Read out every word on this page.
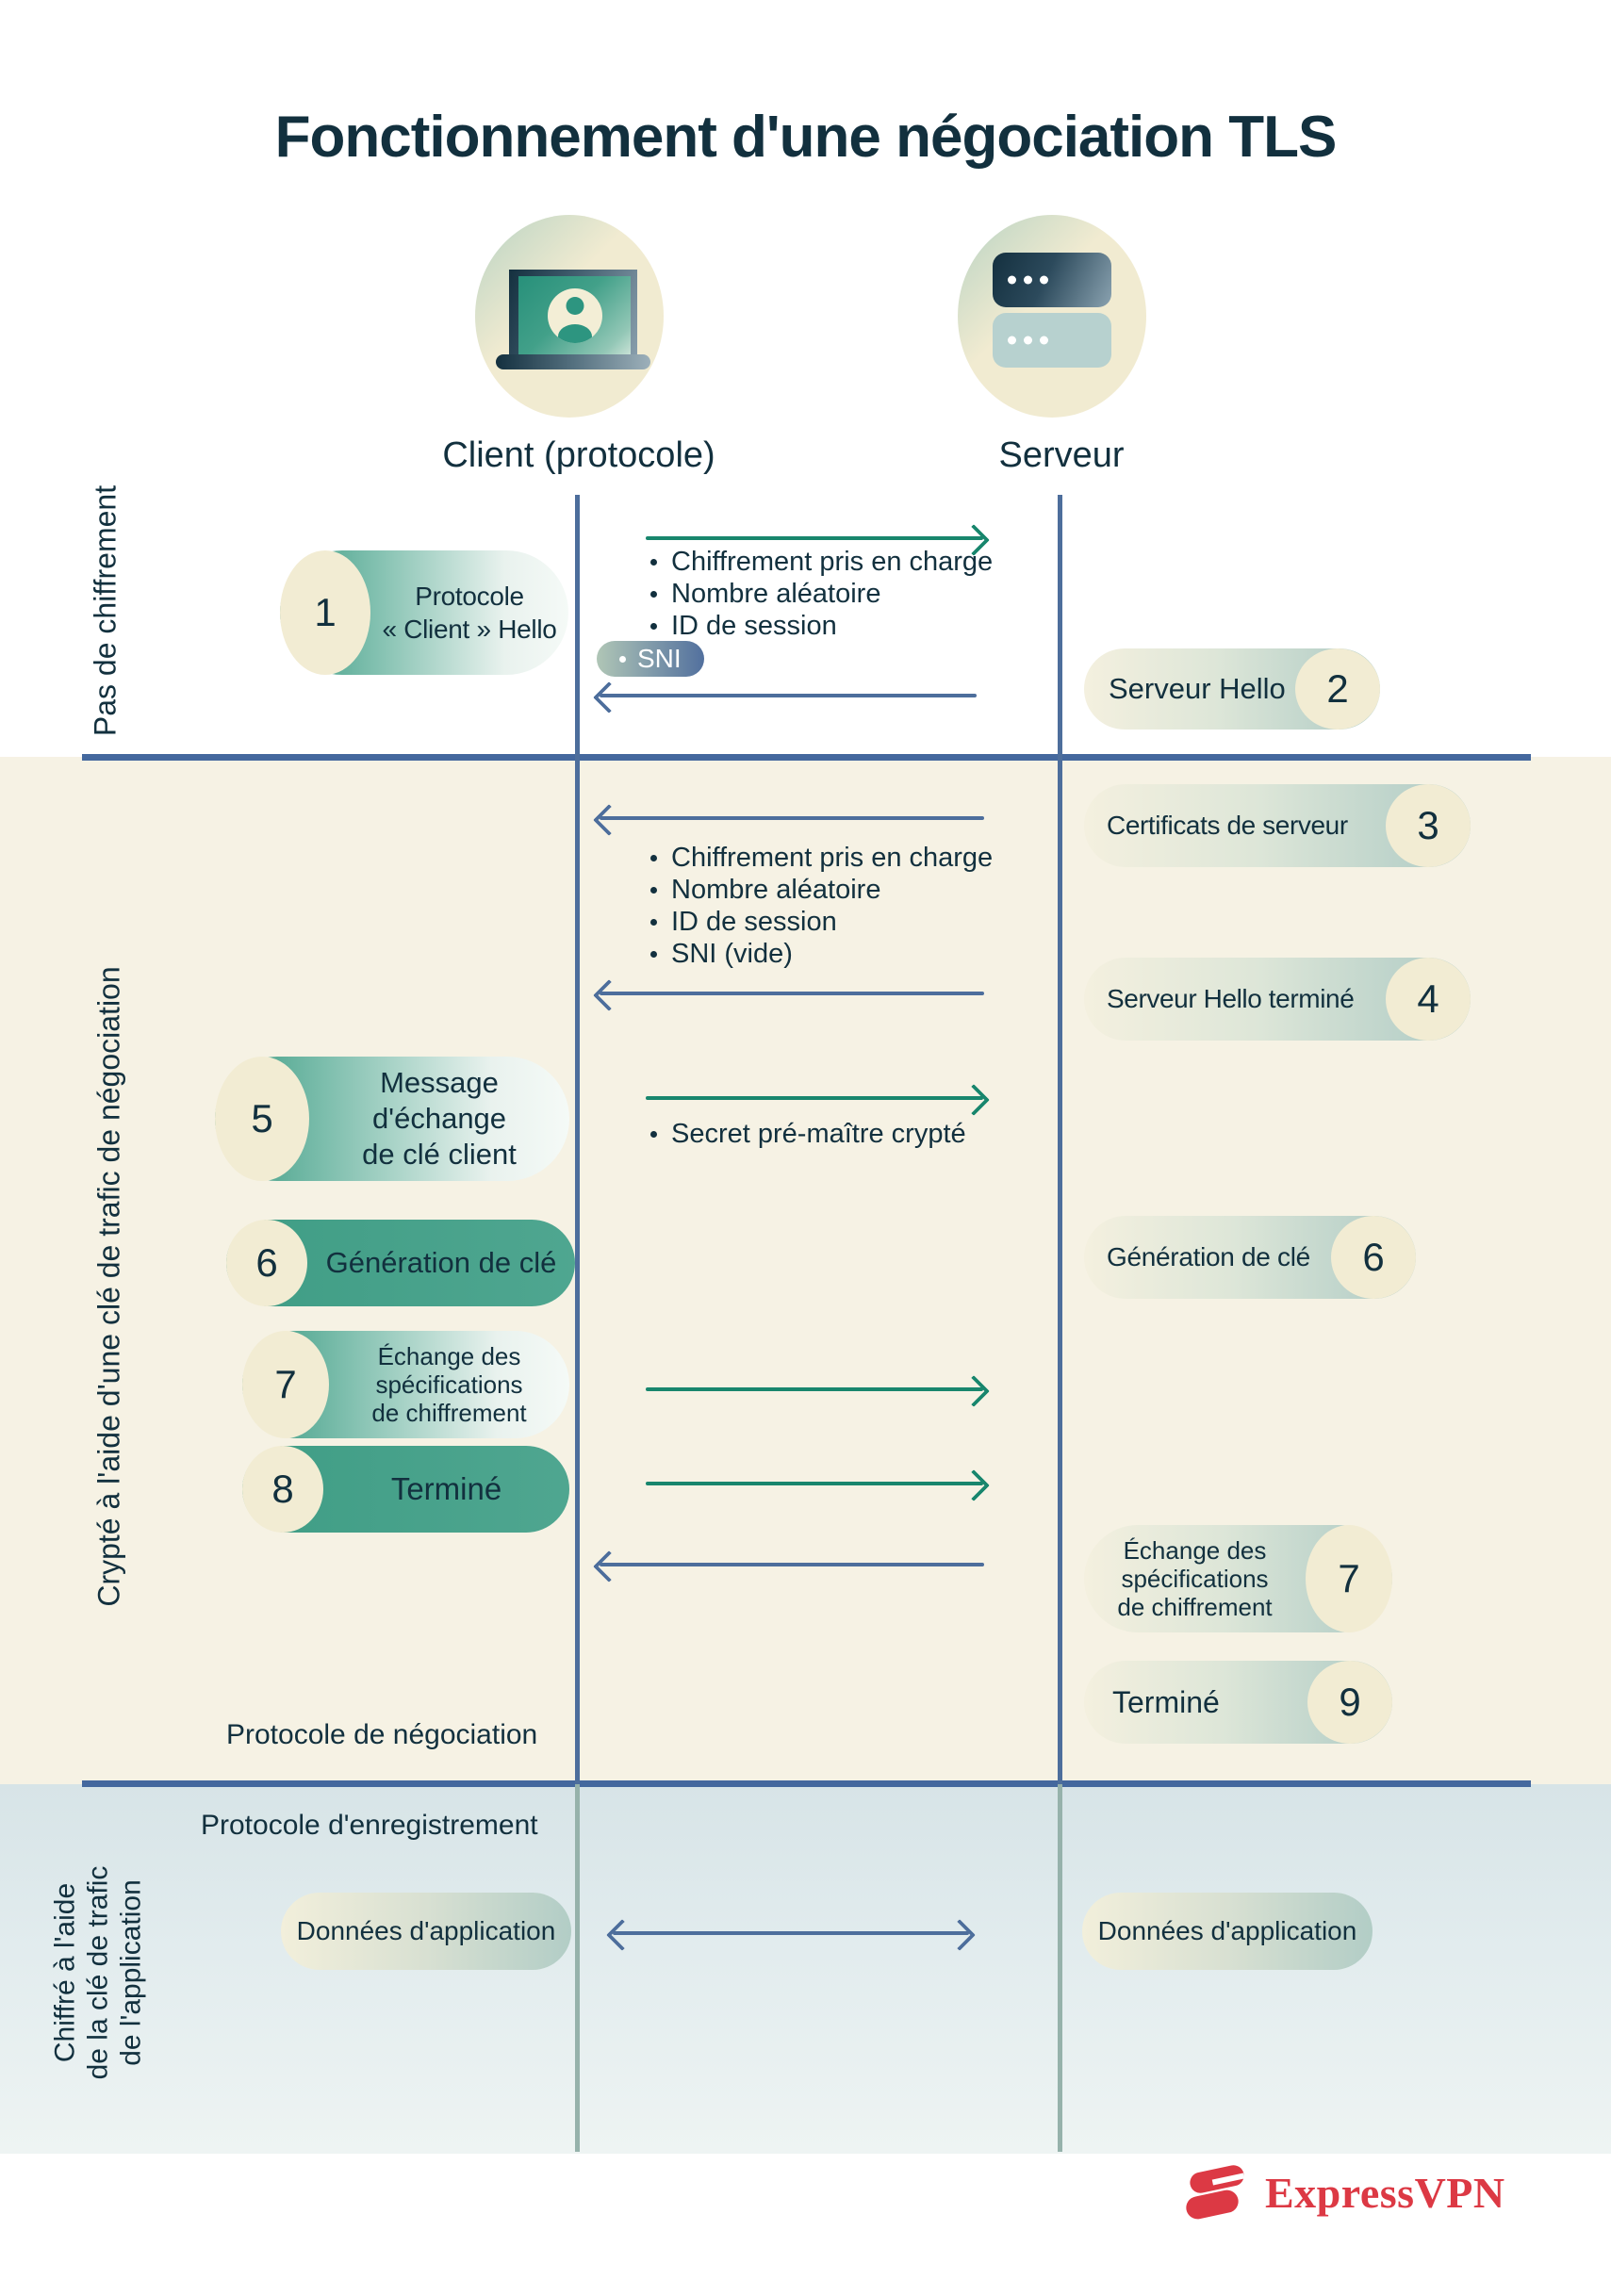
Fonctionnement d'une négociation TLS
Client (protocole)	Serveur
Pas de chiffrement
Crypté à l'aide d'une clé de trafic de négociation
Chiffré à l'aide de la clé de trafic de l'application
Chiffrement pris en charge
Nombre aléatoire
ID de session
SNI
1	Protocole
« Client » Hello
2
Serveur Hello
3
Certificats de serveur
Chiffrement pris en charge
Nombre aléatoire
ID de session
SNI (vide)
4
Serveur Hello terminé
5
Message d'échange
de clé client
Secret pré-maître crypté
6	Génération de clé	6
Génération de clé
7
Échange des
spécifications
de chiffrement
8	Terminé
7
Échange des
spécifications
de chiffrement
9
Terminé
Protocole de négociation
Protocole d'enregistrement
Données d'application	Données d'application
ExpressVPN
